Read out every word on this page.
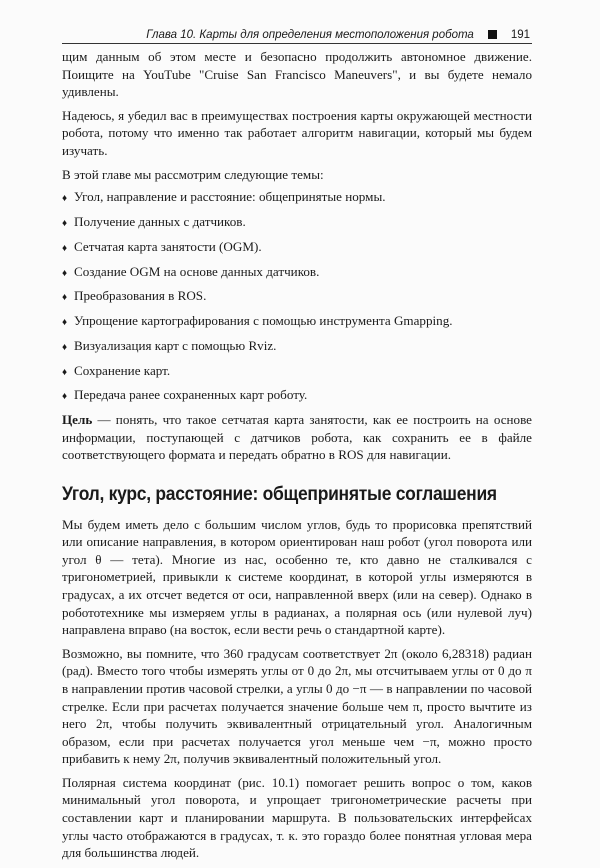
Глава 10. Карты для определения местоположения робота	191

щим данным об этом месте и безопасно продолжить автономное движение. Поищите на YouTube "Cruise San Francisco Maneuvers", и вы будете немало удивлены.

Надеюсь, я убедил вас в преимуществах построения карты окружающей местности робота, потому что именно так работает алгоритм навигации, который мы будем изучать.

В этой главе мы рассмотрим следующие темы:

♦ Угол, направление и расстояние: общепринятые нормы.
♦ Получение данных с датчиков.
♦ Сетчатая карта занятости (OGM).
♦ Создание OGM на основе данных датчиков.
♦ Преобразования в ROS.
♦ Упрощение картографирования с помощью инструмента Gmapping.
♦ Визуализация карт с помощью Rviz.
♦ Сохранение карт.
♦ Передача ранее сохраненных карт роботу.

Цель — понять, что такое сетчатая карта занятости, как ее построить на основе информации, поступающей с датчиков робота, как сохранить ее в файле соответствующего формата и передать обратно в ROS для навигации.

Угол, курс, расстояние: общепринятые соглашения

Мы будем иметь дело с большим числом углов, будь то прорисовка препятствий или описание направления, в котором ориентирован наш робот (угол поворота или угол θ — тета). Многие из нас, особенно те, кто давно не сталкивался с тригонометрией, привыкли к системе координат, в которой углы измеряются в градусах, а их отсчет ведется от оси, направленной вверх (или на север). Однако в робототехнике мы измеряем углы в радианах, а полярная ось (или нулевой луч) направлена вправо (на восток, если вести речь о стандартной карте).

Возможно, вы помните, что 360 градусам соответствует 2π (около 6,28318) радиан (рад). Вместо того чтобы измерять углы от 0 до 2π, мы отсчитываем углы от 0 до π в направлении против часовой стрелки, а углы 0 до −π — в направлении по часовой стрелке. Если при расчетах получается значение больше чем π, просто вычтите из него 2π, чтобы получить эквивалентный отрицательный угол. Аналогичным образом, если при расчетах получается угол меньше чем −π, можно просто прибавить к нему 2π, получив эквивалентный положительный угол.

Полярная система координат (рис. 10.1) помогает решить вопрос о том, каков минимальный угол поворота, и упрощает тригонометрические расчеты при составлении карт и планировании маршрута. В пользовательских интерфейсах углы часто отображаются в градусах, т. к. это гораздо более понятная угловая мера для большинства людей.
